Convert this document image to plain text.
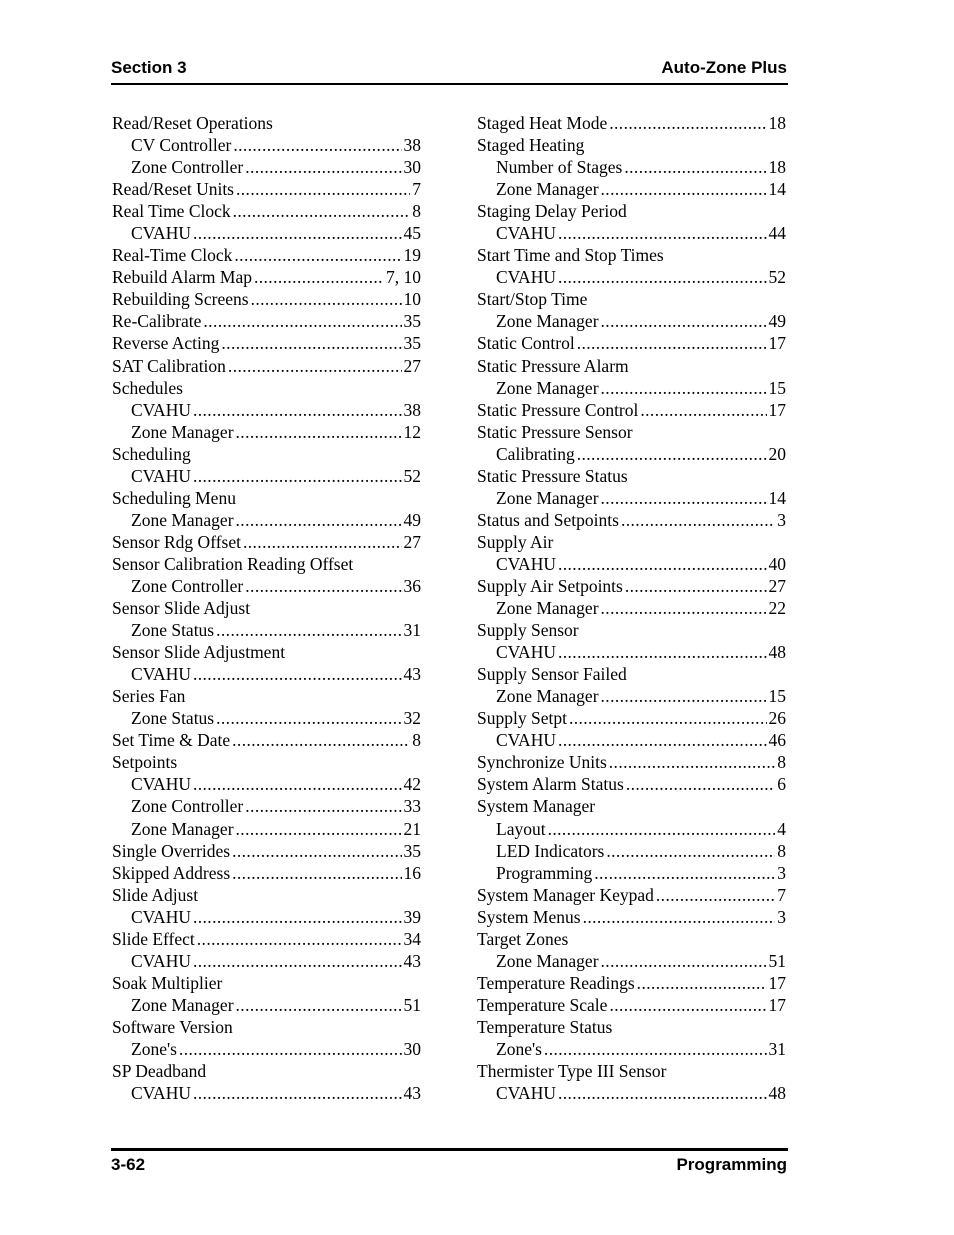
Section 3	Auto-Zone Plus
Read/Reset Operations
CV Controller .....	38
Zone Controller .....	30
Read/Reset Units .....	7
Real Time Clock .....	8
CVAHU .....	45
Real-Time Clock .....	19
Rebuild Alarm Map .....	7, 10
Rebuilding Screens .....	10
Re-Calibrate .....	35
Reverse Acting .....	35
SAT Calibration .....	27
Schedules
CVAHU .....	38
Zone Manager .....	12
Scheduling
CVAHU .....	52
Scheduling Menu
Zone Manager .....	49
Sensor Rdg Offset .....	27
Sensor Calibration Reading Offset
Zone Controller .....	36
Sensor Slide Adjust
Zone Status .....	31
Sensor Slide Adjustment
CVAHU .....	43
Series Fan
Zone Status .....	32
Set Time & Date .....	8
Setpoints
CVAHU .....	42
Zone Controller .....	33
Zone Manager .....	21
Single Overrides .....	35
Skipped Address .....	16
Slide Adjust
CVAHU .....	39
Slide Effect .....	34
CVAHU .....	43
Soak Multiplier
Zone Manager .....	51
Software Version
Zone's .....	30
SP Deadband
CVAHU .....	43
Staged Heat Mode .....	18
Staged Heating
Number of Stages .....	18
Zone Manager .....	14
Staging Delay Period
CVAHU .....	44
Start Time and Stop Times
CVAHU .....	52
Start/Stop Time
Zone Manager .....	49
Static Control .....	17
Static Pressure Alarm
Zone Manager .....	15
Static Pressure Control .....	17
Static Pressure Sensor
Calibrating .....	20
Static Pressure Status
Zone Manager .....	14
Status and Setpoints .....	3
Supply Air
CVAHU .....	40
Supply Air Setpoints .....	27
Zone Manager .....	22
Supply Sensor
CVAHU .....	48
Supply Sensor Failed
Zone Manager .....	15
Supply Setpt .....	26
CVAHU .....	46
Synchronize Units .....	8
System Alarm Status .....	6
System Manager
Layout .....	4
LED Indicators .....	8
Programming .....	3
System Manager Keypad .....	7
System Menus .....	3
Target Zones
Zone Manager .....	51
Temperature Readings .....	17
Temperature Scale .....	17
Temperature Status
Zone's .....	31
Thermister Type III Sensor
CVAHU .....	48
3-62	Programming
